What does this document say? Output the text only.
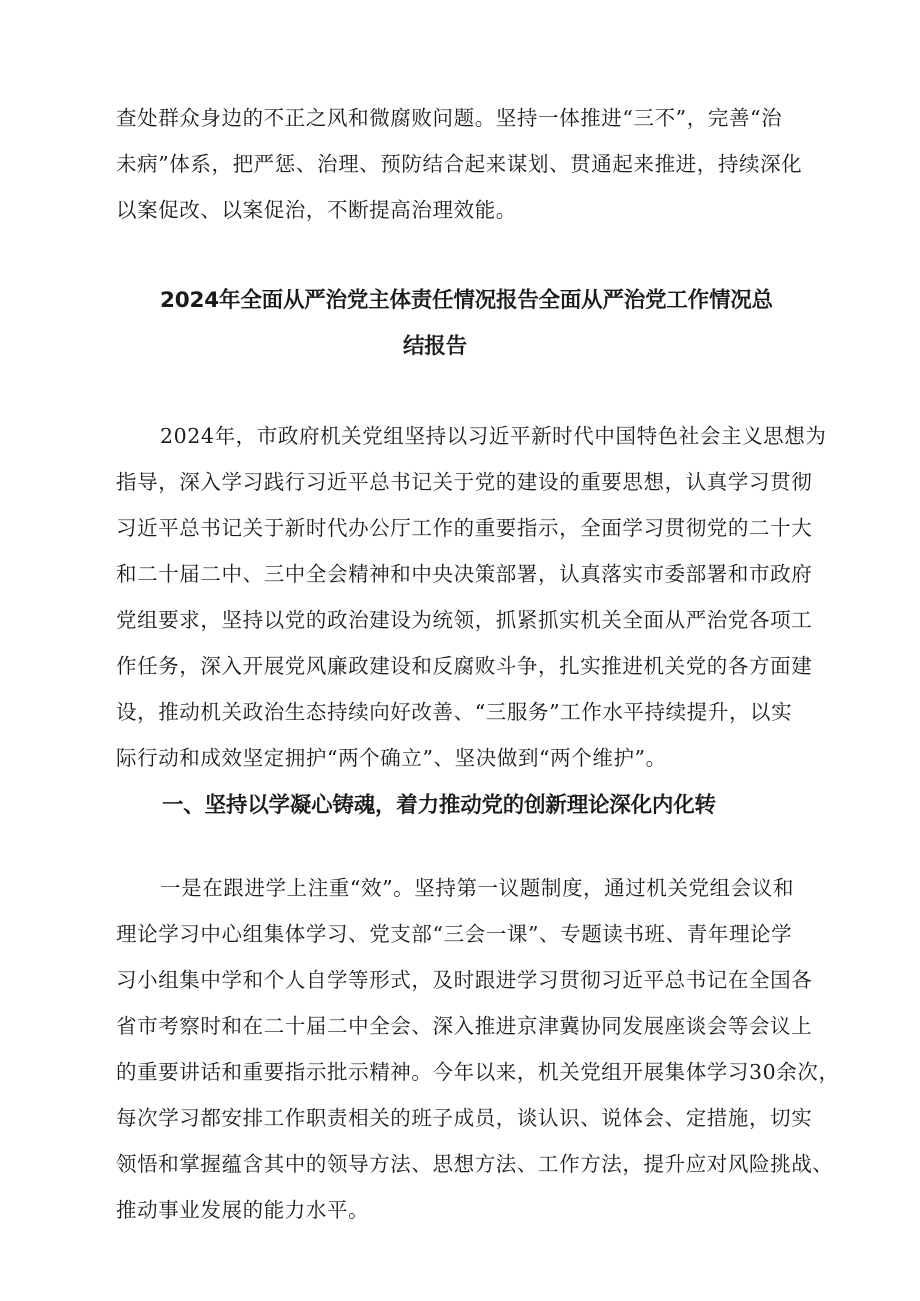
查处群众身边的不正之风和微腐败问题。坚持一体推进“三不”，完善“治
未病”体系，把严惩、治理、预防结合起来谋划、贯通起来推进，持续深化
以案促改、以案促治，不断提高治理效能。
2024年全面从严治党主体责任情况报告全面从严治党工作情况总
结报告
2024年，市政府机关党组坚持以习近平新时代中国特色社会主义思想为
指导，深入学习践行习近平总书记关于党的建设的重要思想，认真学习贯彻
习近平总书记关于新时代办公厅工作的重要指示，全面学习贯彻党的二十大
和二十届二中、三中全会精神和中央决策部署，认真落实市委部署和市政府
党组要求，坚持以党的政治建设为统领，抓紧抓实机关全面从严治党各项工
作任务，深入开展党风廉政建设和反腐败斗争，扎实推进机关党的各方面建
设，推动机关政治生态持续向好改善、“三服务”工作水平持续提升，以实
际行动和成效坚定拥护“两个确立”、坚决做到“两个维护”。
一、坚持以学凝心铸魂，着力推动党的创新理论深化内化转
一是在跟进学上注重“效”。坚持第一议题制度，通过机关党组会议和
理论学习中心组集体学习、党支部“三会一课”、专题读书班、青年理论学
习小组集中学和个人自学等形式，及时跟进学习贯彻习近平总书记在全国各
省市考察时和在二十届二中全会、深入推进京津冀协同发展座谈会等会议上
的重要讲话和重要指示批示精神。今年以来，机关党组开展集体学习30余次，
每次学习都安排工作职责相关的班子成员，谈认识、说体会、定措施，切实
领悟和掌握蕴含其中的领导方法、思想方法、工作方法，提升应对风险挑战、
推动事业发展的能力水平。
